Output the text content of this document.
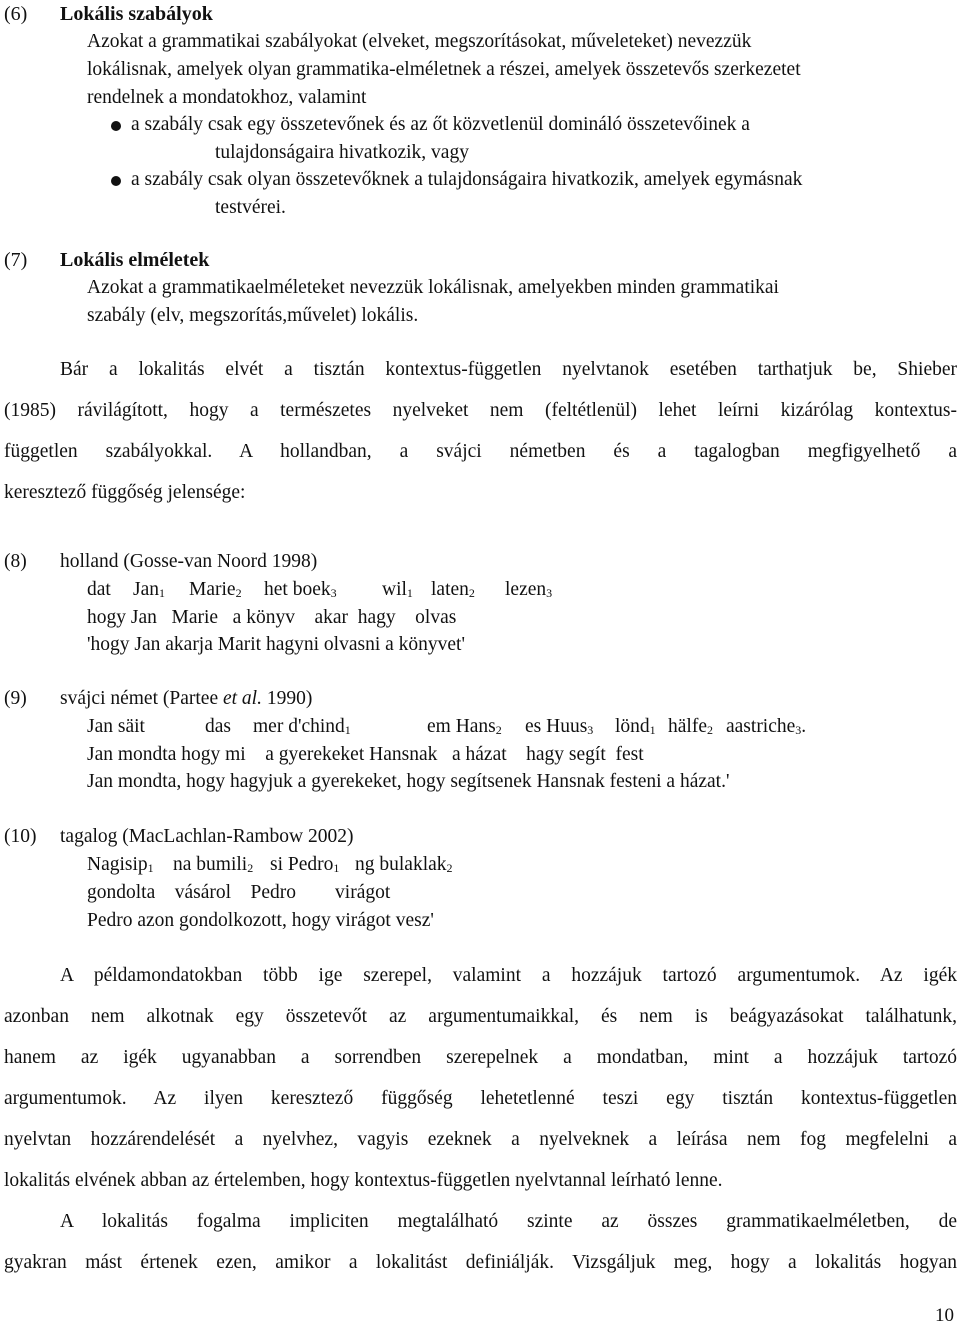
(6) Lokális szabályok
Azokat a grammatikai szabályokat (elveket, megszorításokat, műveleteket) nevezzük
lokálisnak, amelyek olyan grammatika-elméletnek a részei, amelyek összetevős szerkezetet
rendelnek a mondatokhoz, valamint
a szabály csak egy összetevőnek és az őt közvetlenül domináló összetevőinek a
tulajdonságaira hivatkozik, vagy
a szabály csak olyan összetevőknek a tulajdonságaira hivatkozik, amelyek egymásnak
testvérei.
(7) Lokális elméletek
Azokat a grammatikaelméleteket nevezzük lokálisnak, amelyekben minden grammatikai
szabály (elv, megszorítás,művelet) lokális.
Bár a lokalitás elvét a tisztán kontextus-független nyelvtanok esetében tarthatjuk be, Shieber
(1985) rávilágított, hogy a természetes nyelveket nem (feltétlenül) lehet leírni kizárólag kontextus-
független szabályokkal. A hollandban, a svájci németben és a tagalogban megfigyelhető a
keresztező függőség jelensége:
(8) holland (Gosse-van Noord 1998)
dat Jan$_1$ Marie$_2$ het boek$_3$ wil$_1$ laten$_2$ lezen$_3$
hogy Jan   Marie   a könyv    akar  hagy    olvas
'hogy Jan akarja Marit hagyni olvasni a könyvet'
(9) svájci német (Partee et al. 1990)
Jan säit	das mer d'chind$_1$	em Hans$_2$ es Huus$_3$ lönd$_1$ hälfe$_2$ aastriche$_3$.
Jan mondta hogy mi    a gyerekeket Hansnak   a házat    hagy segít  fest
Jan mondta, hogy hagyjuk a gyerekeket, hogy segítsenek Hansnak festeni a házat.'
(10) tagalog (MacLachlan-Rambow 2002)
Nagisip$_1$ na bumili$_2$ si Pedro$_1$ ng bulaklak$_2$
gondolta    vásárol    Pedro        virágot
Pedro azon gondolkozott, hogy virágot vesz'
A példamondatokban több ige szerepel, valamint a hozzájuk tartozó argumentumok. Az igék
azonban nem alkotnak egy összetevőt az argumentumaikkal, és nem is beágyazásokat találhatunk,
hanem az igék ugyanabban a sorrendben szerepelnek a mondatban, mint a hozzájuk tartozó
argumentumok. Az ilyen keresztező függőség lehetetlenné teszi egy tisztán kontextus-független
nyelvtan hozzárendelését a nyelvhez, vagyis ezeknek a nyelveknek a leírása nem fog megfelelni a
lokalitás elvének abban az értelemben, hogy kontextus-független nyelvtannal leírható lenne.
A lokalitás fogalma impliciten megtalálható szinte az összes grammatikaelméletben, de
gyakran mást értenek ezen, amikor a lokalitást definiálják. Vizsgáljuk meg, hogy a lokalitás hogyan
10
